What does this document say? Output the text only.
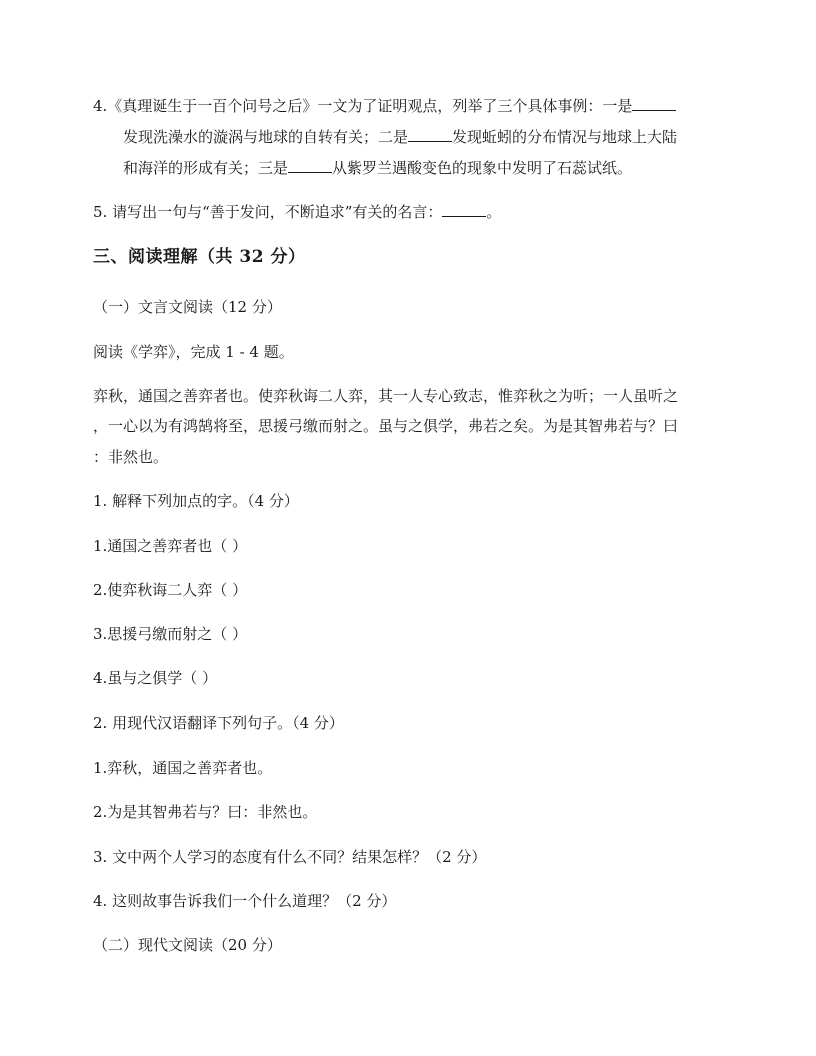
4.《真理诞生于一百个问号之后》一文为了证明观点，列举了三个具体事例：一是
发现洗澡水的漩涡与地球的自转有关；二是	发现蚯蚓的分布情况与地球上大陆
和海洋的形成有关；三是	从紫罗兰遇酸变色的现象中发明了石蕊试纸。
5. 请写出一句与“善于发问，不断追求”有关的名言：	。
三、阅读理解（共 32 分）
（一）文言文阅读（12 分）
阅读《学弈》，完成 1 - 4 题。
弈秋，通国之善弈者也。使弈秋诲二人弈，其一人专心致志，惟弈秋之为听；一人虽听之
，一心以为有鸿鹄将至，思援弓缴而射之。虽与之俱学，弗若之矣。为是其智弗若与？曰
：非然也。
1. 解释下列加点的字。（4 分）
1.通国之善弈者也（ ）
2.使弈秋诲二人弈（ ）
3.思援弓缴而射之（ ）
4.虽与之俱学（ ）
2. 用现代汉语翻译下列句子。（4 分）
1.弈秋，通国之善弈者也。
2.为是其智弗若与？曰：非然也。
3. 文中两个人学习的态度有什么不同？结果怎样？（2 分）
4. 这则故事告诉我们一个什么道理？（2 分）
（二）现代文阅读（20 分）
